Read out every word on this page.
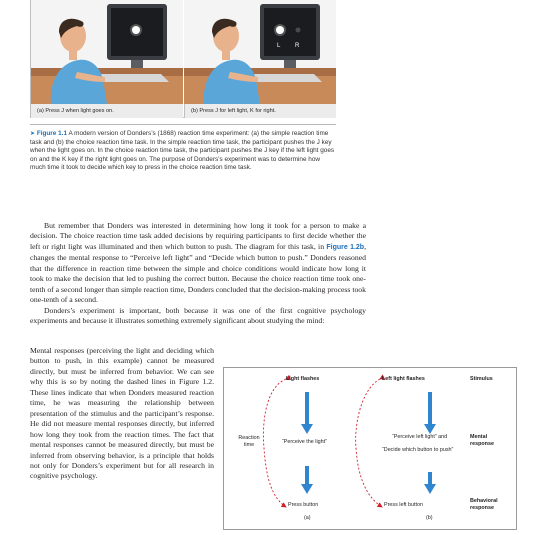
L R
(a) Press J when light goes on.	(b) Press J for left light, K for right.
➤ Figure 1.1 A modern version of Donders’s (1868) reaction time experiment: (a) the simple reaction time task and (b) the choice reaction time task. In the simple reaction time task, the participant pushes the J key when the light goes on. In the choice reaction time task, the participant pushes the J key if the left light goes on and the K key if the right light goes on. The purpose of Donders’s experiment was to determine how much time it took to decide which key to press in the choice reaction time task.

But remember that Donders was interested in determining how long it took for a person to make a decision. The choice reaction time task added decisions by requiring participants to first decide whether the left or right light was illuminated and then which button to push. The diagram for this task, in Figure 1.2b, changes the mental response to “Perceive left light” and “Decide which button to push.” Donders reasoned that the difference in reaction time between the simple and choice conditions would indicate how long it took to make the decision that led to pushing the correct button. Because the choice reaction time took one-tenth of a second longer than simple reaction time, Donders concluded that the decision-making process took one-tenth of a second.

Donders’s experiment is important, both because it was one of the first cognitive psychology experiments and because it illustrates something extremely significant about studying the mind:

Mental responses (perceiving the light and deciding which button to push, in this example) cannot be measured directly, but must be inferred from behavior. We can see why this is so by noting the dashed lines in Figure 1.2. These lines indicate that when Donders measured reaction time, he was measuring the relationship between presentation of the stimulus and the participant’s response. He did not measure mental responses directly, but inferred how long they took from the reaction times. The fact that mental responses cannot be measured directly, but must be inferred from observing behavior, is a principle that holds not only for Donders’s experiment but for all research in cognitive psychology.
Light flashes	Left light flashes	Stimulus
“Perceive the light”
“Perceive left light” and
“Decide which button to push”
Mental
response
Reaction
time
Press button	Press left button
Behavioral
response
(a)	(b)
